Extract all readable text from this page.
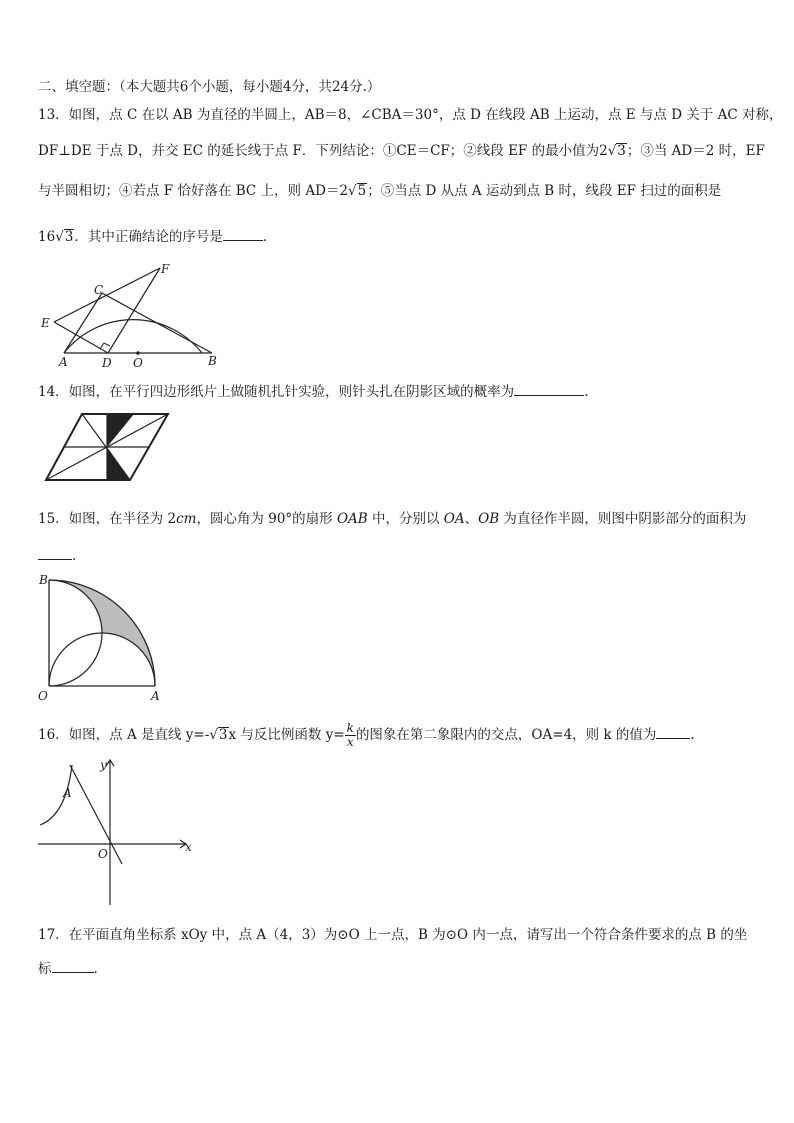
二、填空题：（本大题共6个小题，每小题4分，共24分.）
13．如图，点 C 在以 AB 为直径的半圆上，AB＝8，∠CBA＝30°，点 D 在线段 AB 上运动，点 E 与点 D 关于 AC 对称，
DF⊥DE 于点 D，并交 EC 的延长线于点 F．下列结论：①CE＝CF；②线段 EF 的最小值为2√3；③当 AD＝2 时，EF
与半圆相切；④若点 F 恰好落在 BC 上，则 AD＝2√5；⑤当点 D 从点 A 运动到点 B 时，线段 EF 扫过的面积是
16√3．其中正确结论的序号是	．
F
C
E
A	D O	B
14．如图，在平行四边形纸片上做随机扎针实验，则针头扎在阴影区域的概率为	.
15．如图，在半径为 2cm，圆心角为 90°的扇形 OAB 中，分别以 OA、OB 为直径作半圆，则图中阴影部分的面积为
.
B
O	A
16．如图，点 A 是直线 y=-√3x 与反比例函数 $y= \frac{k}{x}$ 的图象在第二象限内的交点，OA=4，则 k 的值为	.
y
x
A
O
17．在平面直角坐标系 xOy 中，点 A（4，3）为⊙O 上一点，B 为⊙O 内一点，请写出一个符合条件要求的点 B 的坐
标	.
